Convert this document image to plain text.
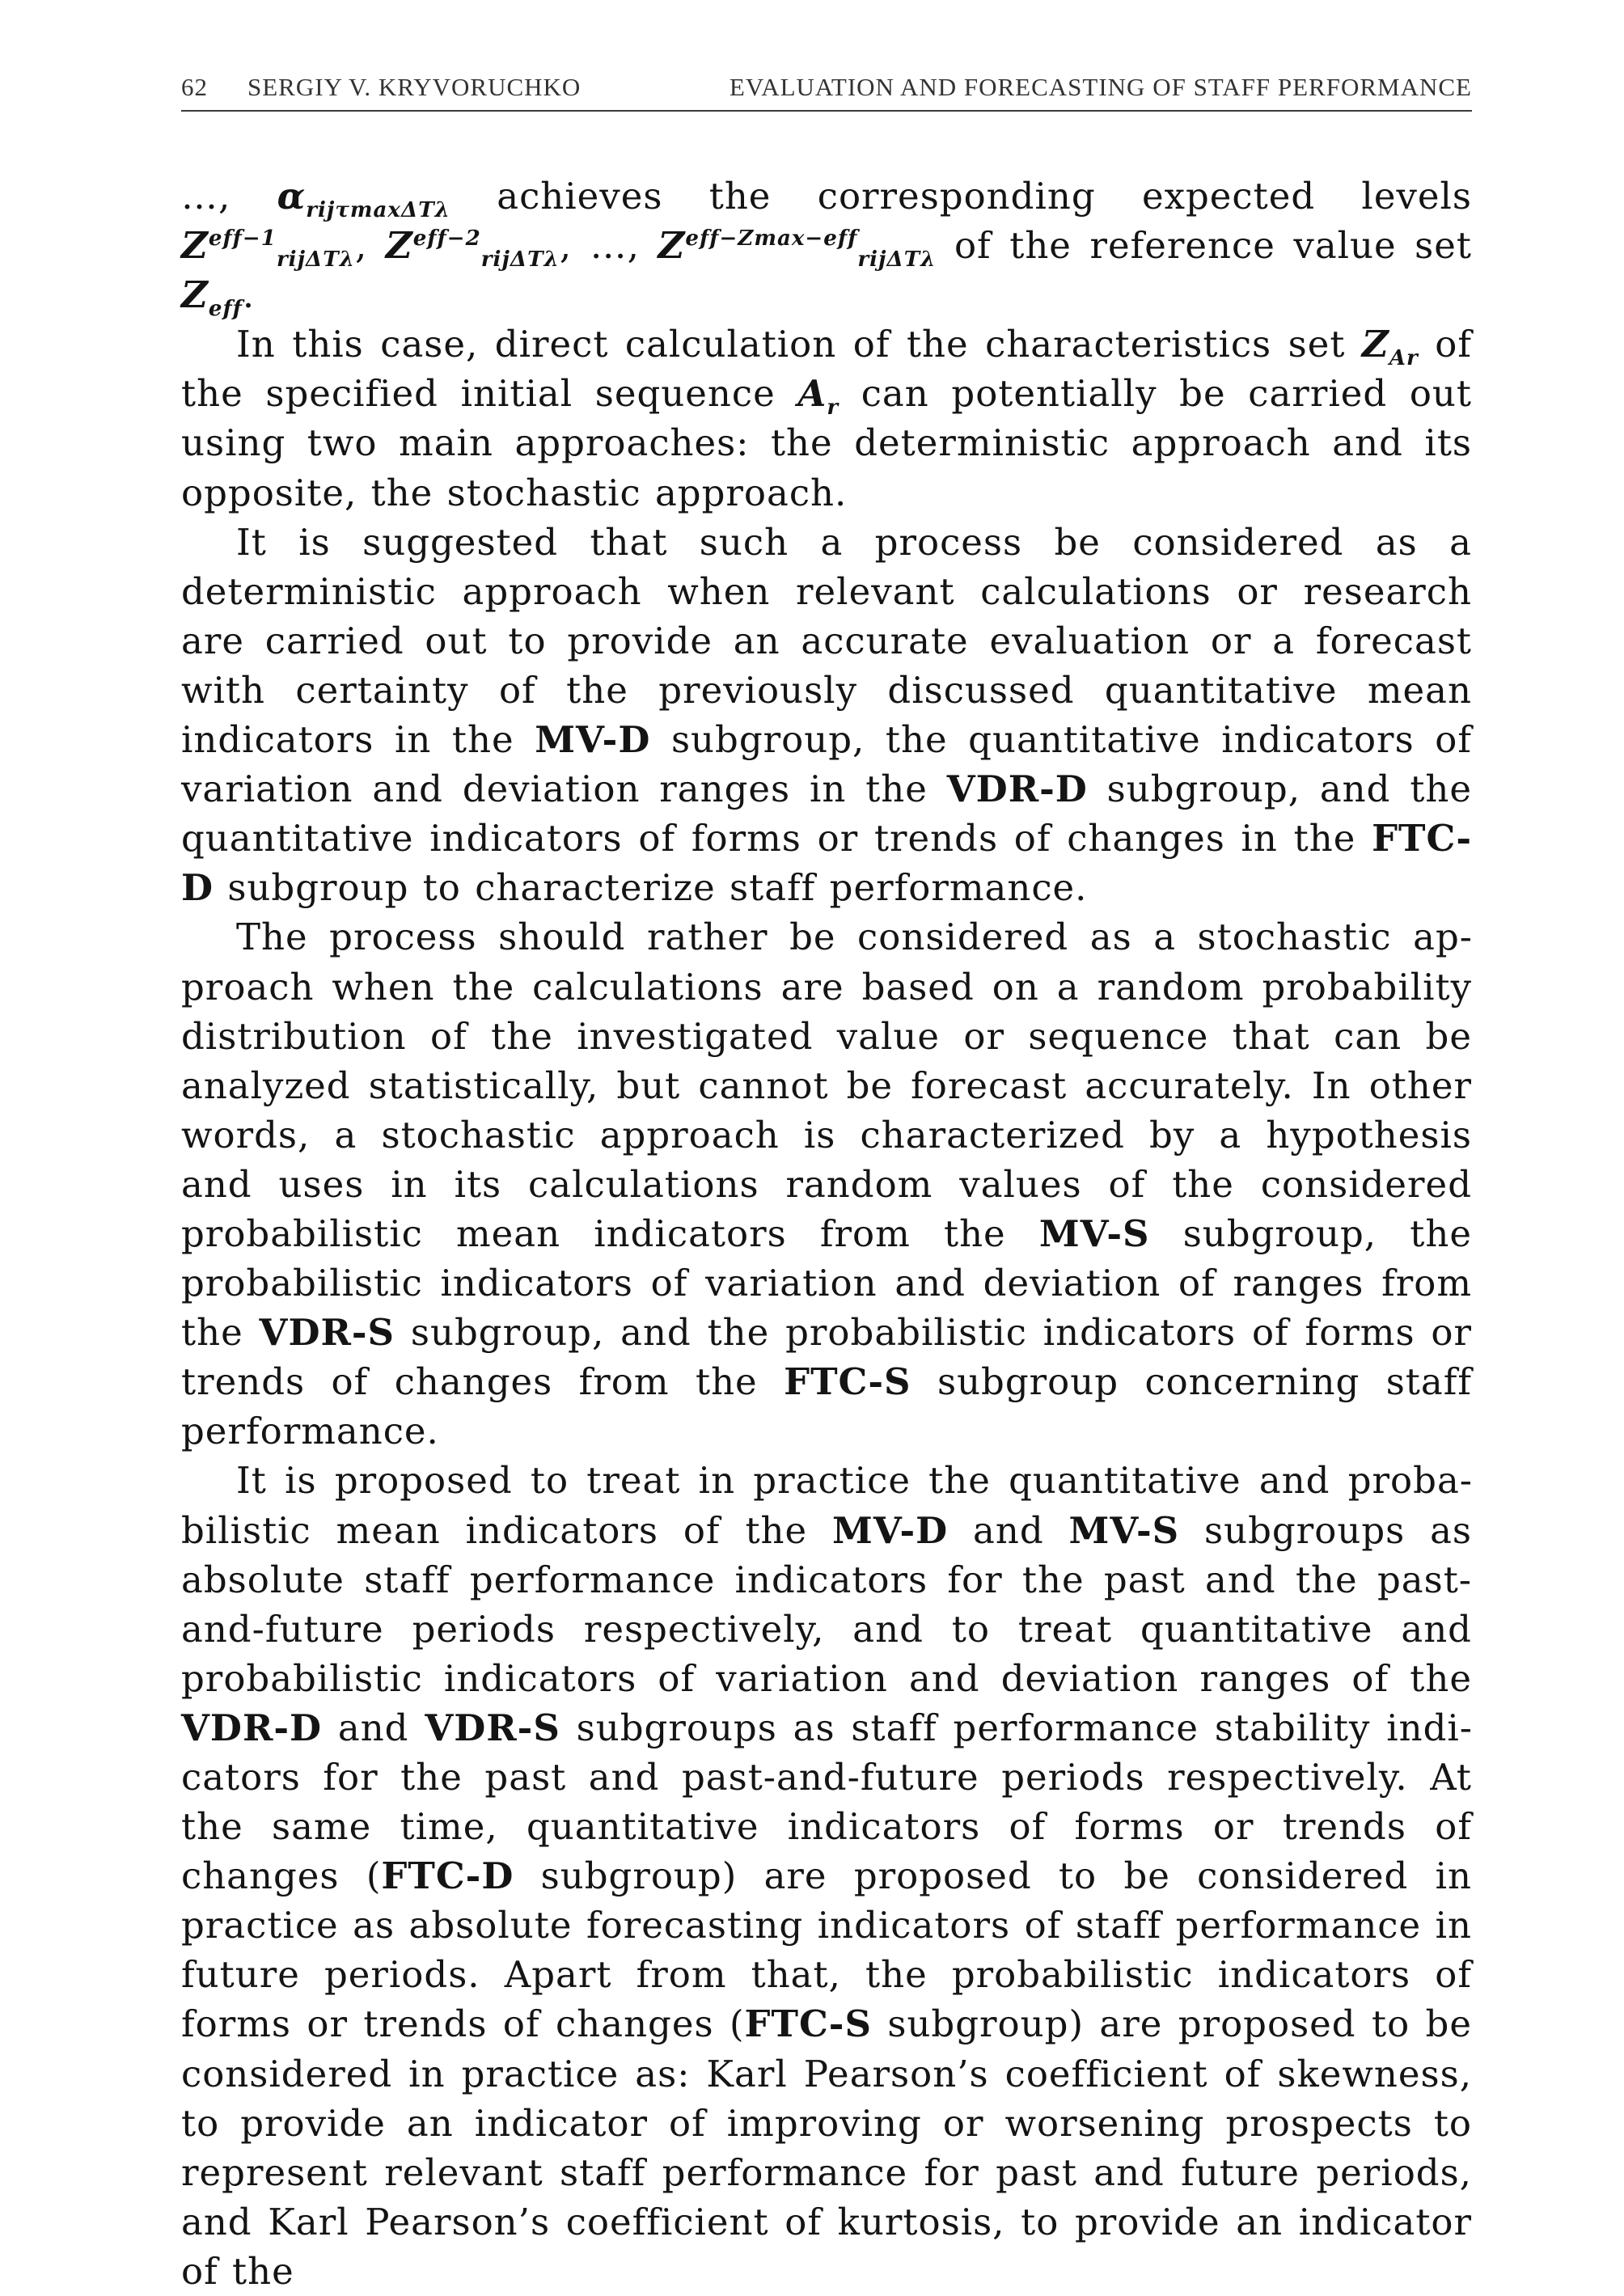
62 SERGIY V. KRYVORUCHKO	EVALUATION AND FORECASTING OF STAFF PERFORMANCE

…, $\alpha_{rij\tau max\Delta T\lambda}$ achieves the corresponding expected levels $Z^{eff-1}_{rij\Delta T\lambda}$, $Z^{eff-2}_{rij\Delta T\lambda}$, …, $Z^{eff-Zmax-eff}_{rij\Delta T\lambda}$ of the reference value set $Z_{eff}$.

In this case, direct calculation of the characteristics set $Z_{Ar}$ of the specified initial sequence $A_r$ can potentially be carried out using two main approaches: the deterministic approach and its opposite, the stochastic approach.

It is suggested that such a process be considered as a deterministic approach when relevant calculations or research are carried out to provide an accurate evaluation or a forecast with certainty of the previously discussed quantitative mean indicators in the MV-D subgroup, the quantitative indicators of variation and deviation ranges in the VDR-D subgroup, and the quantitative indicators of forms or trends of changes in the FTC-D subgroup to characterize staff performance.

The process should rather be considered as a stochastic approach when the calculations are based on a random probability distribution of the investigated value or sequence that can be analyzed statistically, but cannot be forecast accurately. In other words, a stochastic approach is characterized by a hypothesis and uses in its calculations random values of the considered probabilistic mean indicators from the MV-S subgroup, the probabilistic indicators of variation and deviation of ranges from the VDR-S subgroup, and the probabilistic indicators of forms or trends of changes from the FTC-S subgroup concerning staff performance.

It is proposed to treat in practice the quantitative and probabilistic mean indicators of the MV-D and MV-S subgroups as absolute staff performance indicators for the past and the past-and-future periods respectively, and to treat quantitative and probabilistic indicators of variation and deviation ranges of the VDR-D and VDR-S subgroups as staff performance stability indicators for the past and past-and-future periods respectively. At the same time, quantitative indicators of forms or trends of changes (FTC-D subgroup) are proposed to be considered in practice as absolute forecasting indicators of staff performance in future periods. Apart from that, the probabilistic indicators of forms or trends of changes (FTC-S subgroup) are proposed to be considered in practice as: Karl Pearson’s coefficient of skewness, to provide an indicator of improving or worsening prospects to represent relevant staff performance for past and future periods, and Karl Pearson’s coefficient of kurtosis, to provide an indicator of the
